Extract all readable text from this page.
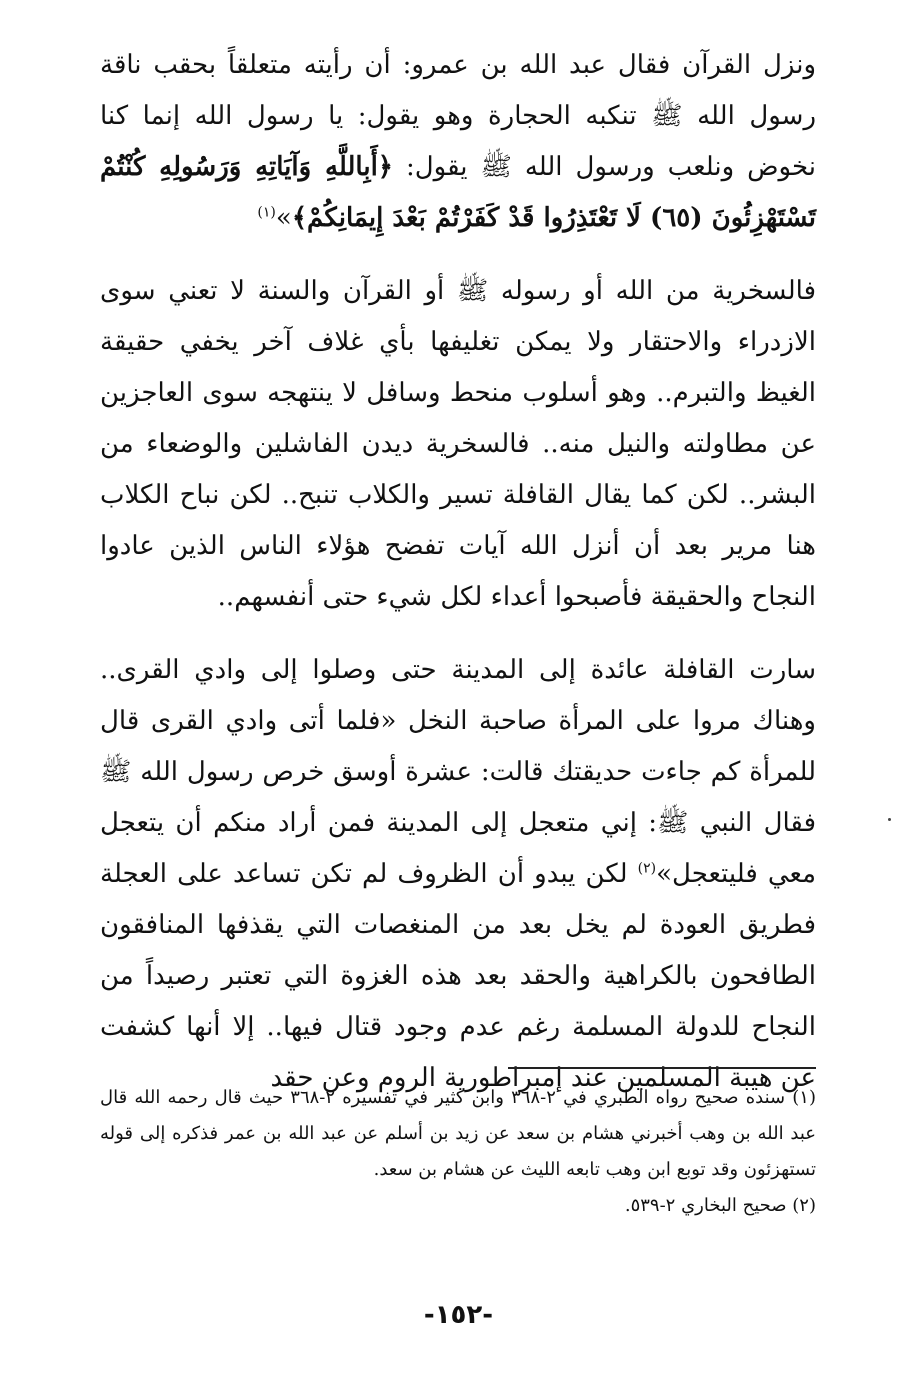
ونزل القرآن فقال عبد الله بن عمرو: أن رأيته متعلقاً بحقب ناقة رسول الله ﷺ تنكبه الحجارة وهو يقول: يا رسول الله إنما كنا نخوض ونلعب ورسول الله ﷺ يقول: ﴿أَبِاللَّهِ وَآيَاتِهِ وَرَسُولِهِ كُنْتُمْ تَسْتَهْزِئُونَ (٦٥) لَا تَعْتَذِرُوا قَدْ كَفَرْتُمْ بَعْدَ إِيمَانِكُمْ﴾»$^{(١)}$

فالسخرية من الله أو رسوله ﷺ أو القرآن والسنة لا تعني سوى الازدراء والاحتقار ولا يمكن تغليفها بأي غلاف آخر يخفي حقيقة الغيظ والتبرم.. وهو أسلوب منحط وسافل لا ينتهجه سوى العاجزين عن مطاولته والنيل منه.. فالسخرية ديدن الفاشلين والوضعاء من البشر.. لكن كما يقال القافلة تسير والكلاب تنبح.. لكن نباح الكلاب هنا مرير بعد أن أنزل الله آيات تفضح هؤلاء الناس الذين عادوا النجاح والحقيقة فأصبحوا أعداء لكل شيء حتى أنفسهم..

سارت القافلة عائدة إلى المدينة حتى وصلوا إلى وادي القرى.. وهناك مروا على المرأة صاحبة النخل «فلما أتى وادي القرى قال للمرأة كم جاءت حديقتك قالت: عشرة أوسق خرص رسول الله ﷺ فقال النبي ﷺ: إني متعجل إلى المدينة فمن أراد منكم أن يتعجل معي فليتعجل»$^{(٢)}$ لكن يبدو أن الظروف لم تكن تساعد على العجلة فطريق العودة لم يخل بعد من المنغصات التي يقذفها المنافقون الطافحون بالكراهية والحقد بعد هذه الغزوة التي تعتبر رصيداً من النجاح للدولة المسلمة رغم عدم وجود قتال فيها.. إلا أنها كشفت عن هيبة المسلمين عند إمبراطورية الروم وعن حقد

(١) سنده صحيح رواه الطبري في ٢-٣٦٨ وابن كثير في تفسيره ٢-٣٦٨ حيث قال رحمه الله قال عبد الله بن وهب أخبرني هشام بن سعد عن زيد بن أسلم عن عبد الله بن عمر فذكره إلى قوله تستهزئون وقد توبع ابن وهب تابعه الليث عن هشام بن سعد.

(٢) صحيح البخاري ٢-٥٣٩.

-١٥٢-
